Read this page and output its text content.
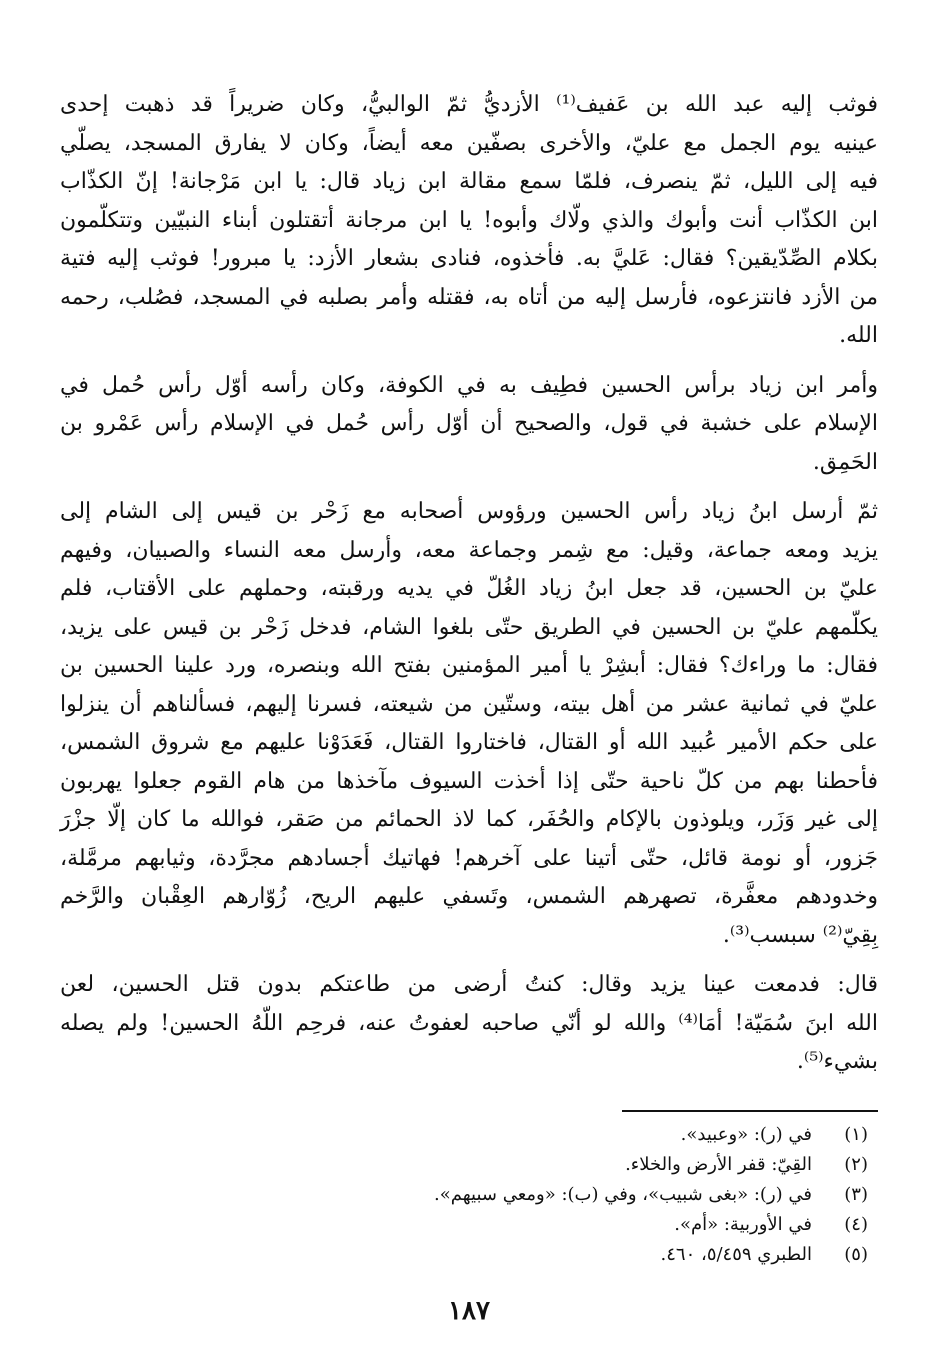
فوثب إليه عبد الله بن عَفيف⁽¹⁾ الأزديُّ ثمّ الوالبيُّ، وكان ضريراً قد ذهبت إحدى
عينيه يوم الجمل مع عليّ، والأخرى بصفّين معه أيضاً، وكان لا يفارق المسجد، يصلّي
فيه إلى الليل، ثمّ ينصرف، فلمّا سمع مقالة ابن زياد قال: يا ابن مَرْجانة! إنّ الكذّاب
ابن الكذّاب أنت وأبوك والذي ولّاك وأبوه! يا ابن مرجانة أتقتلون أبناء النبيّين وتتكلّمون
بكلام الصِّدّيقين؟ فقال: عَليَّ به. فأخذوه، فنادى بشعار الأزد: يا مبرور! فوثب إليه فتية
من الأزد فانتزعوه، فأرسل إليه من أتاه به، فقتله وأمر بصلبه في المسجد، فصُلب، رحمه
الله.

وأمر ابن زياد برأس الحسين فطِيف به في الكوفة، وكان رأسه أوّل رأس حُمل في
الإسلام على خشبة في قول، والصحيح أن أوّل رأس حُمل في الإسلام رأس عَمْرو بن
الحَمِق.

ثمّ أرسل ابنُ زياد رأس الحسين ورؤوس أصحابه مع زَحْر بن قيس إلى الشام إلى
يزيد ومعه جماعة، وقيل: مع شِمر وجماعة معه، وأرسل معه النساء والصبيان، وفيهم
عليّ بن الحسين، قد جعل ابنُ زياد الغُلّ في يديه ورقبته، وحملهم على الأقتاب، فلم
يكلّمهم عليّ بن الحسين في الطريق حتّى بلغوا الشام، فدخل زَحْر بن قيس على يزيد،
فقال: ما وراءك؟ فقال: أبشِرْ يا أمير المؤمنين بفتح الله وبنصره، ورد علينا الحسين بن
عليّ في ثمانية عشر من أهل بيته، وستّين من شيعته، فسرنا إليهم، فسألناهم أن ينزلوا
على حكم الأمير عُبيد الله أو القتال، فاختاروا القتال، فَعَدَوْنا عليهم مع شروق الشمس،
فأحطنا بهم من كلّ ناحية حتّى إذا أخذت السيوف مآخذها من هام القوم جعلوا يهربون
إلى غير وَزَر، ويلوذون بالإكام والحُفَر، كما لاذ الحمائم من صَقر، فوالله ما كان إلّا جزْرَ
جَزور، أو نومة قائل، حتّى أتينا على آخرهم! فهاتيك أجسادهم مجرَّدة، وثيابهم مرمَّلة،
وخدودهم معفَّرة، تصهرهم الشمس، وتَسفي عليهم الريح، زُوّارهم العِقْبان والرَّخم
بِقِيّ⁽²⁾ سبسب⁽³⁾.

قال: فدمعت عينا يزيد وقال: كنتُ أرضى من طاعتكم بدون قتل الحسين، لعن
الله ابنَ سُمَيّة! أمَا⁽⁴⁾ والله لو أنّي صاحبه لعفوتُ عنه، فرحِم اللّهُ الحسين! ولم يصله
بشيء⁽⁵⁾.

(١)
في (ر): «وعبيد».
(٢)
القِيّ: قفر الأرض والخلاء.
(٣)
في (ر): «بغى شبيب»، وفي (ب): «ومعي سبيهم».
(٤)
في الأوربية: «أم».
(٥)
الطبري ٥/٤٥٩، ٤٦٠.
١٨٧
